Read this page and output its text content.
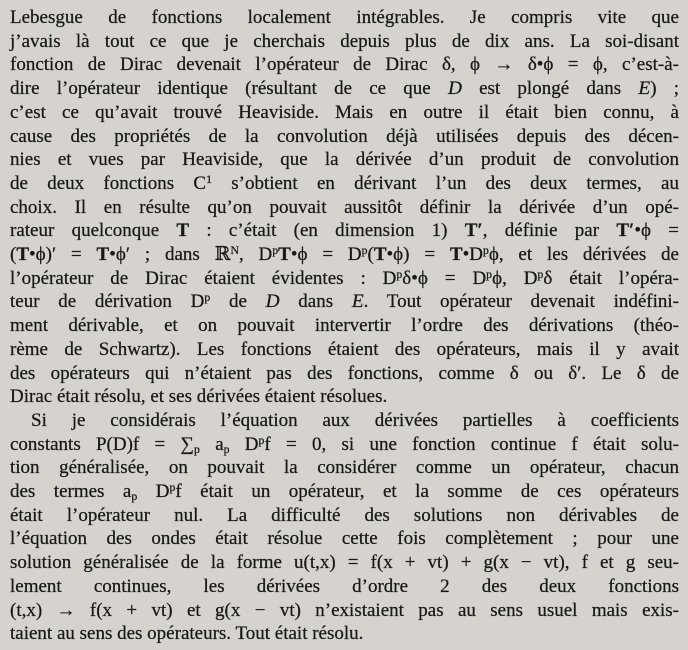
Lebesgue de fonctions localement intégrables. Je compris vite que
j’avais là tout ce que je cherchais depuis plus de dix ans. La soi-disant
fonction de Dirac devenait l’opérateur de Dirac δ, ϕ → δ•ϕ = ϕ, c’est-à-
dire l’opérateur identique (résultant de ce que D est plongé dans E) ;
c’est ce qu’avait trouvé Heaviside. Mais en outre il était bien connu, à
cause des propriétés de la convolution déjà utilisées depuis des décen-
nies et vues par Heaviside, que la dérivée d’un produit de convolution
de deux fonctions $C^1$ s’obtient en dérivant l’un des deux termes, au
choix. Il en résulte qu’on pouvait aussitôt définir la dérivée d’un opé-
rateur quelconque T : c’était (en dimension 1) T′, définie par T′•ϕ =
(T•ϕ)′ = T•ϕ′ ; dans ℝ$^N$, $D^pT•\phi$ = $D^p(T•\phi)$ = $T•D^p\phi$, et les dérivées de
l’opérateur de Dirac étaient évidentes : $D^p\delta•\phi = D^p\phi$, $D^p\delta$ était l’opéra-
teur de dérivation $D^p$ de D dans E. Tout opérateur devenait indéfini-
ment dérivable, et on pouvait intervertir l’ordre des dérivations (théo-
rème de Schwartz). Les fonctions étaient des opérateurs, mais il y avait
des opérateurs qui n’étaient pas des fonctions, comme δ ou δ′. Le δ de
Dirac était résolu, et ses dérivées étaient résolues.
Si je considérais l’équation aux dérivées partielles à coefficients
constants $P(D)f = \sum_p$ $a_p$ $D^pf = 0$, si une fonction continue f était solu-
tion généralisée, on pouvait la considérer comme un opérateur, chacun
des termes $a_p$ $D^pf$ était un opérateur, et la somme de ces opérateurs
était l’opérateur nul. La difficulté des solutions non dérivables de
l’équation des ondes était résolue cette fois complètement ; pour une
solution généralisée de la forme u(t,x) = f(x + vt) + g(x − vt), f et g seu-
lement continues, les dérivées d’ordre 2 des deux fonctions
(t,x) → f(x + vt) et g(x − vt) n’existaient pas au sens usuel mais exis-
taient au sens des opérateurs. Tout était résolu.
